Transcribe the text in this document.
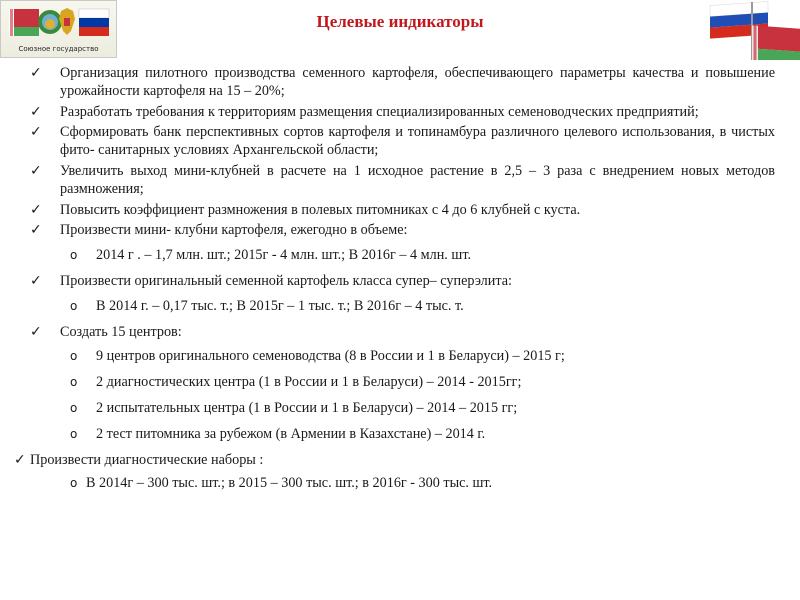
Союзное государство
Целевые индикаторы
✓ Организация пилотного производства семенного картофеля, обеспечивающего параметры качества и повышение урожайности картофеля на 15 – 20%;
✓ Разработать требования к территориям размещения специализированных семеноводческих предприятий;
✓ Сформировать банк перспективных сортов картофеля и топинамбура различного целевого использования, в чистых фито- санитарных условиях Архангельской области;
✓ Увеличить выход мини-клубней в расчете на 1 исходное растение в 2,5 – 3 раза с внедрением новых методов размножения;
✓ Повысить коэффициент размножения в полевых питомниках с 4 до 6 клубней с куста.
✓ Произвести мини- клубни картофеля, ежегодно в объеме:
o 2014 г . – 1,7 млн. шт.; 2015г - 4 млн. шт.; В 2016г – 4 млн. шт.
✓ Произвести оригинальный семенной картофель класса супер– суперэлита:
o В 2014 г. – 0,17 тыс. т.; В 2015г – 1 тыс. т.; В 2016г – 4 тыс. т.
✓ Создать 15 центров:
o 9 центров оригинального семеноводства (8 в России и 1 в Беларуси) – 2015 г;
o 2 диагностических центра (1 в России и 1 в Беларуси) – 2014 - 2015гг;
o 2 испытательных центра (1 в России и 1 в Беларуси) – 2014 – 2015 гг;
o 2 тест питомника за рубежом (в Армении в Казахстане) – 2014 г.
✓ Произвести диагностические наборы :
o В 2014г – 300 тыс. шт.; в 2015 – 300 тыс. шт.; в 2016г - 300 тыс. шт.
